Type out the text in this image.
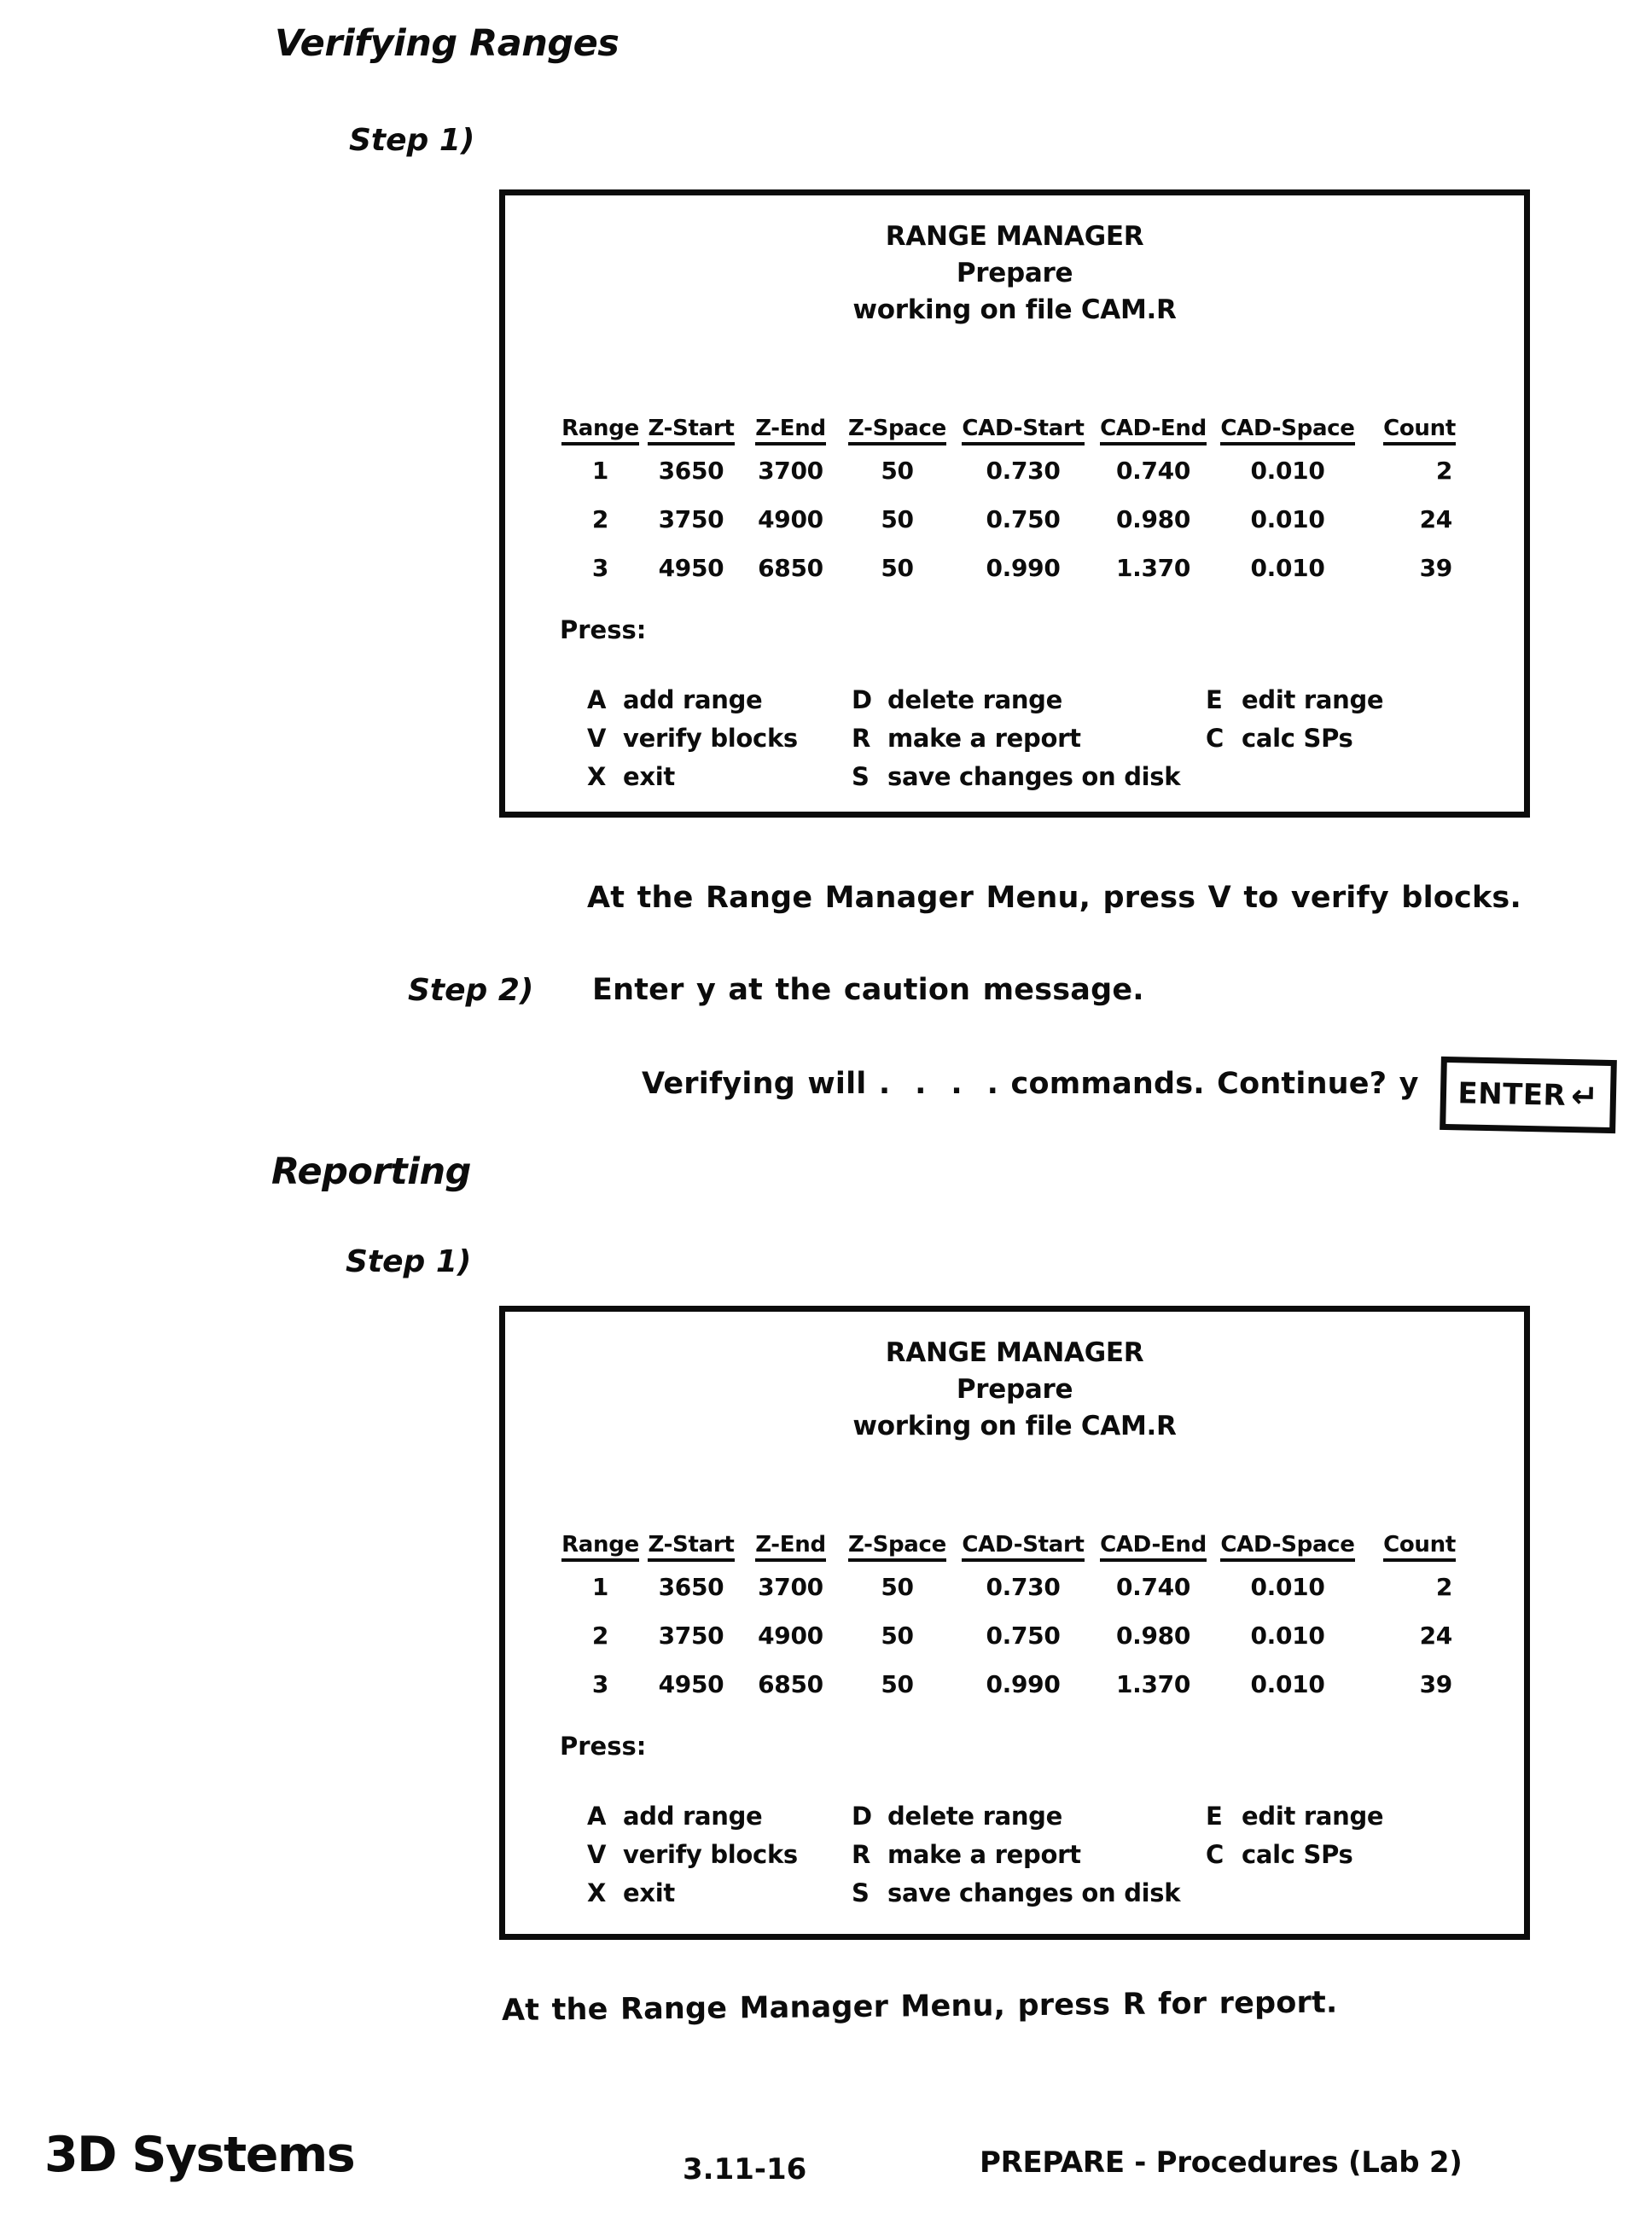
Verifying Ranges
Step 1)
RANGE MANAGER
Prepare
working on file CAM.R
Range	Z-Start	Z-End	Z-Space	CAD-Start	CAD-End	CAD-Space	Count
1	3650	3700	50	0.730	0.740	0.010	2
2	3750	4900	50	0.750	0.980	0.010	24
3	4950	6850	50	0.990	1.370	0.010	39
Press:
A add range	D delete range	E edit range
V verify blocks	R make a report	C calc SPs
X exit	S save changes on disk
At the Range Manager Menu, press V to verify blocks.
Step 2) Enter y at the caution message.
Verifying will .  .  .  . commands. Continue? y ENTER ↵
Reporting
Step 1)
RANGE MANAGER
Prepare
working on file CAM.R
Range	Z-Start	Z-End	Z-Space	CAD-Start	CAD-End	CAD-Space	Count
1	3650	3700	50	0.730	0.740	0.010	2
2	3750	4900	50	0.750	0.980	0.010	24
3	4950	6850	50	0.990	1.370	0.010	39
Press:
A add range	D delete range	E edit range
V verify blocks	R make a report	C calc SPs
X exit	S save changes on disk
At the Range Manager Menu, press R for report.
3D Systems	3.11-16	PREPARE - Procedures (Lab 2)
